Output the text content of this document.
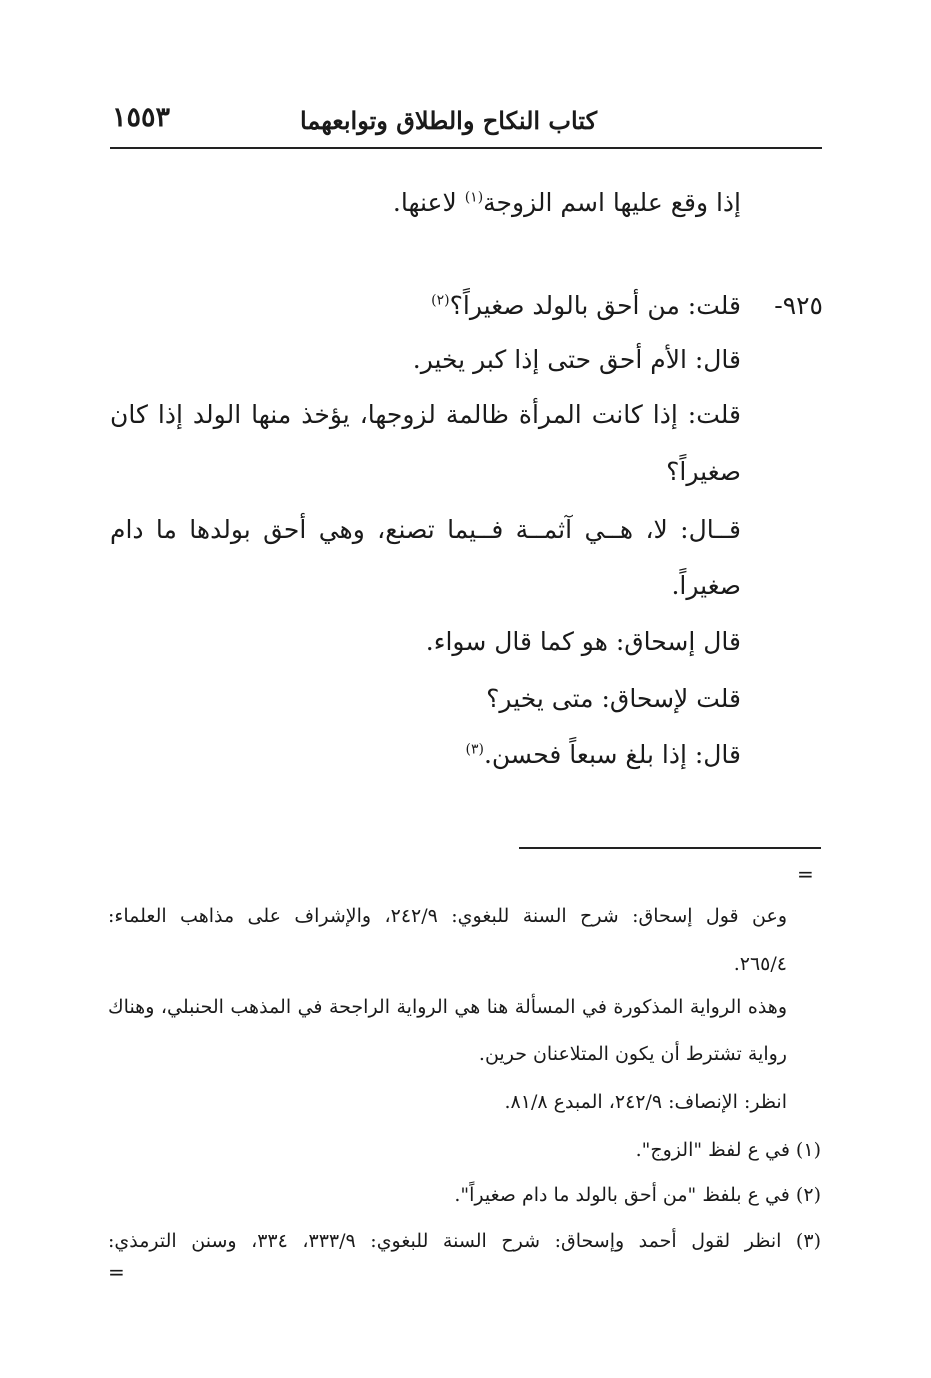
كتاب النكاح والطلاق وتوابعهما
١٥٥٣
إذا وقع عليها اسم الزوجة$^{(١)}$ لاعنها.
٩٢٥-
قلت: من أحق بالولد صغيراً؟$^{(٢)}$
قال: الأم أحق حتى إذا كبر يخير.
قلت: إذا كانت المرأة ظالمة لزوجها، يؤخذ منها الولد إذا كان
صغيراً؟
قــال: لا، هــي آثمــة فــيما تصنع، وهي أحق بولدها ما دام
صغيراً.
قال إسحاق: هو كما قال سواء.
قلت لإسحاق: متى يخير؟
قال: إذا بلغ سبعاً فحسن.$^{(٣)}$
=
وعن قول إسحاق: شرح السنة للبغوي: ٢٤٢/٩، والإشراف على مذاهب العلماء:
٢٦٥/٤.
وهذه الرواية المذكورة في المسألة هنا هي الرواية الراجحة في المذهب الحنبلي، وهناك
رواية تشترط أن يكون المتلاعنان حرين.
انظر: الإنصاف: ٢٤٢/٩، المبدع ٨١/٨.
(١) في ع لفظ "الزوج".
(٢) في ع بلفظ "من أحق بالولد ما دام صغيراً".
(٣) انظر لقول أحمد وإسحاق: شرح السنة للبغوي: ٣٣٣/٩، ٣٣٤، وسنن الترمذي:
=
